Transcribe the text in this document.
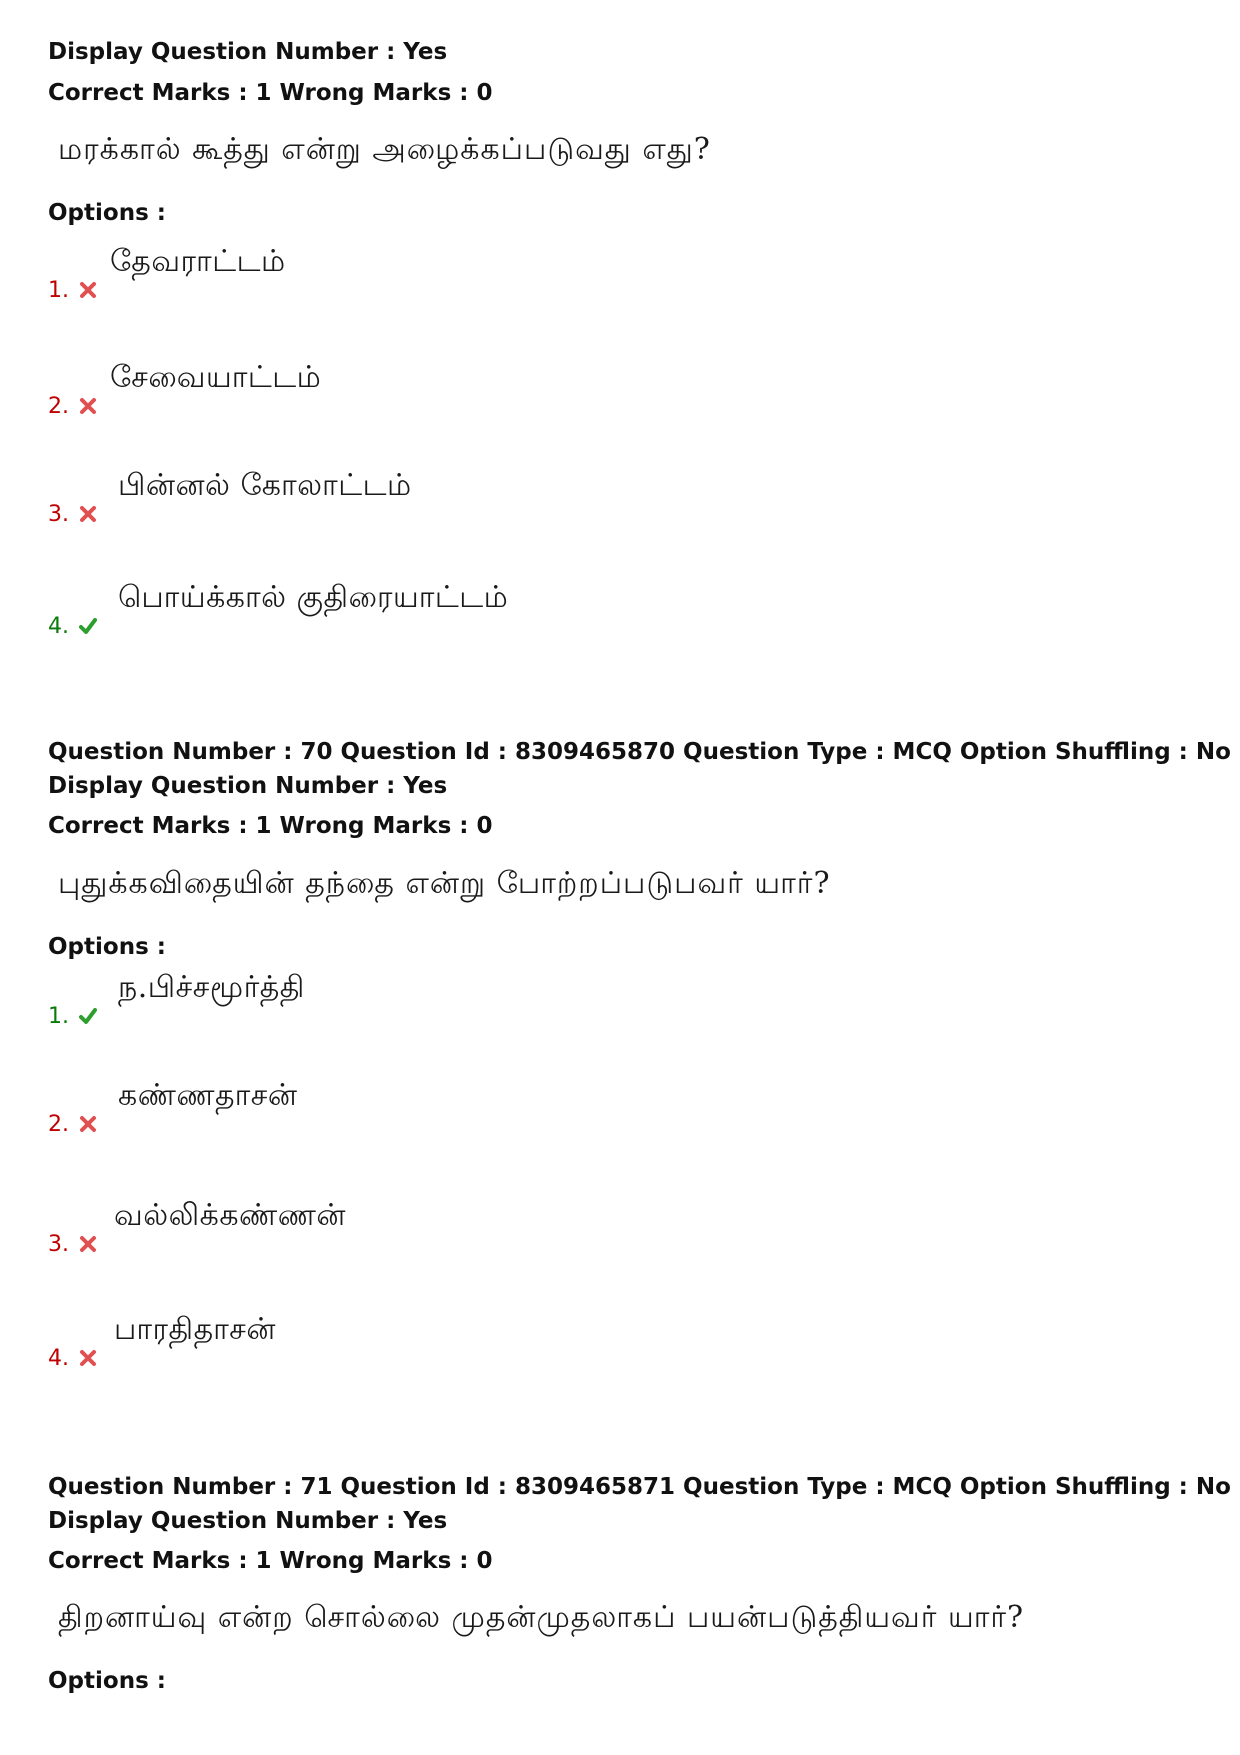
Display Question Number : Yes
Correct Marks : 1 Wrong Marks : 0
மரக்கால் கூத்து என்று அழைக்கப்படுவது எது?
Options :
1.
தேவராட்டம்
2.
சேவையாட்டம்
3.
பின்னல் கோலாட்டம்
4.
பொய்க்கால் குதிரையாட்டம்
Question Number : 70 Question Id : 8309465870 Question Type : MCQ Option Shuffling : No
Display Question Number : Yes
Correct Marks : 1 Wrong Marks : 0
புதுக்கவிதையின் தந்தை என்று போற்றப்படுபவர் யார்?
Options :
1.
ந.பிச்சமூர்த்தி
2.
கண்ணதாசன்
3.
வல்லிக்கண்ணன்
4.
பாரதிதாசன்
Question Number : 71 Question Id : 8309465871 Question Type : MCQ Option Shuffling : No
Display Question Number : Yes
Correct Marks : 1 Wrong Marks : 0
திறனாய்வு என்ற சொல்லை முதன்முதலாகப் பயன்படுத்தியவர் யார்?
Options :
